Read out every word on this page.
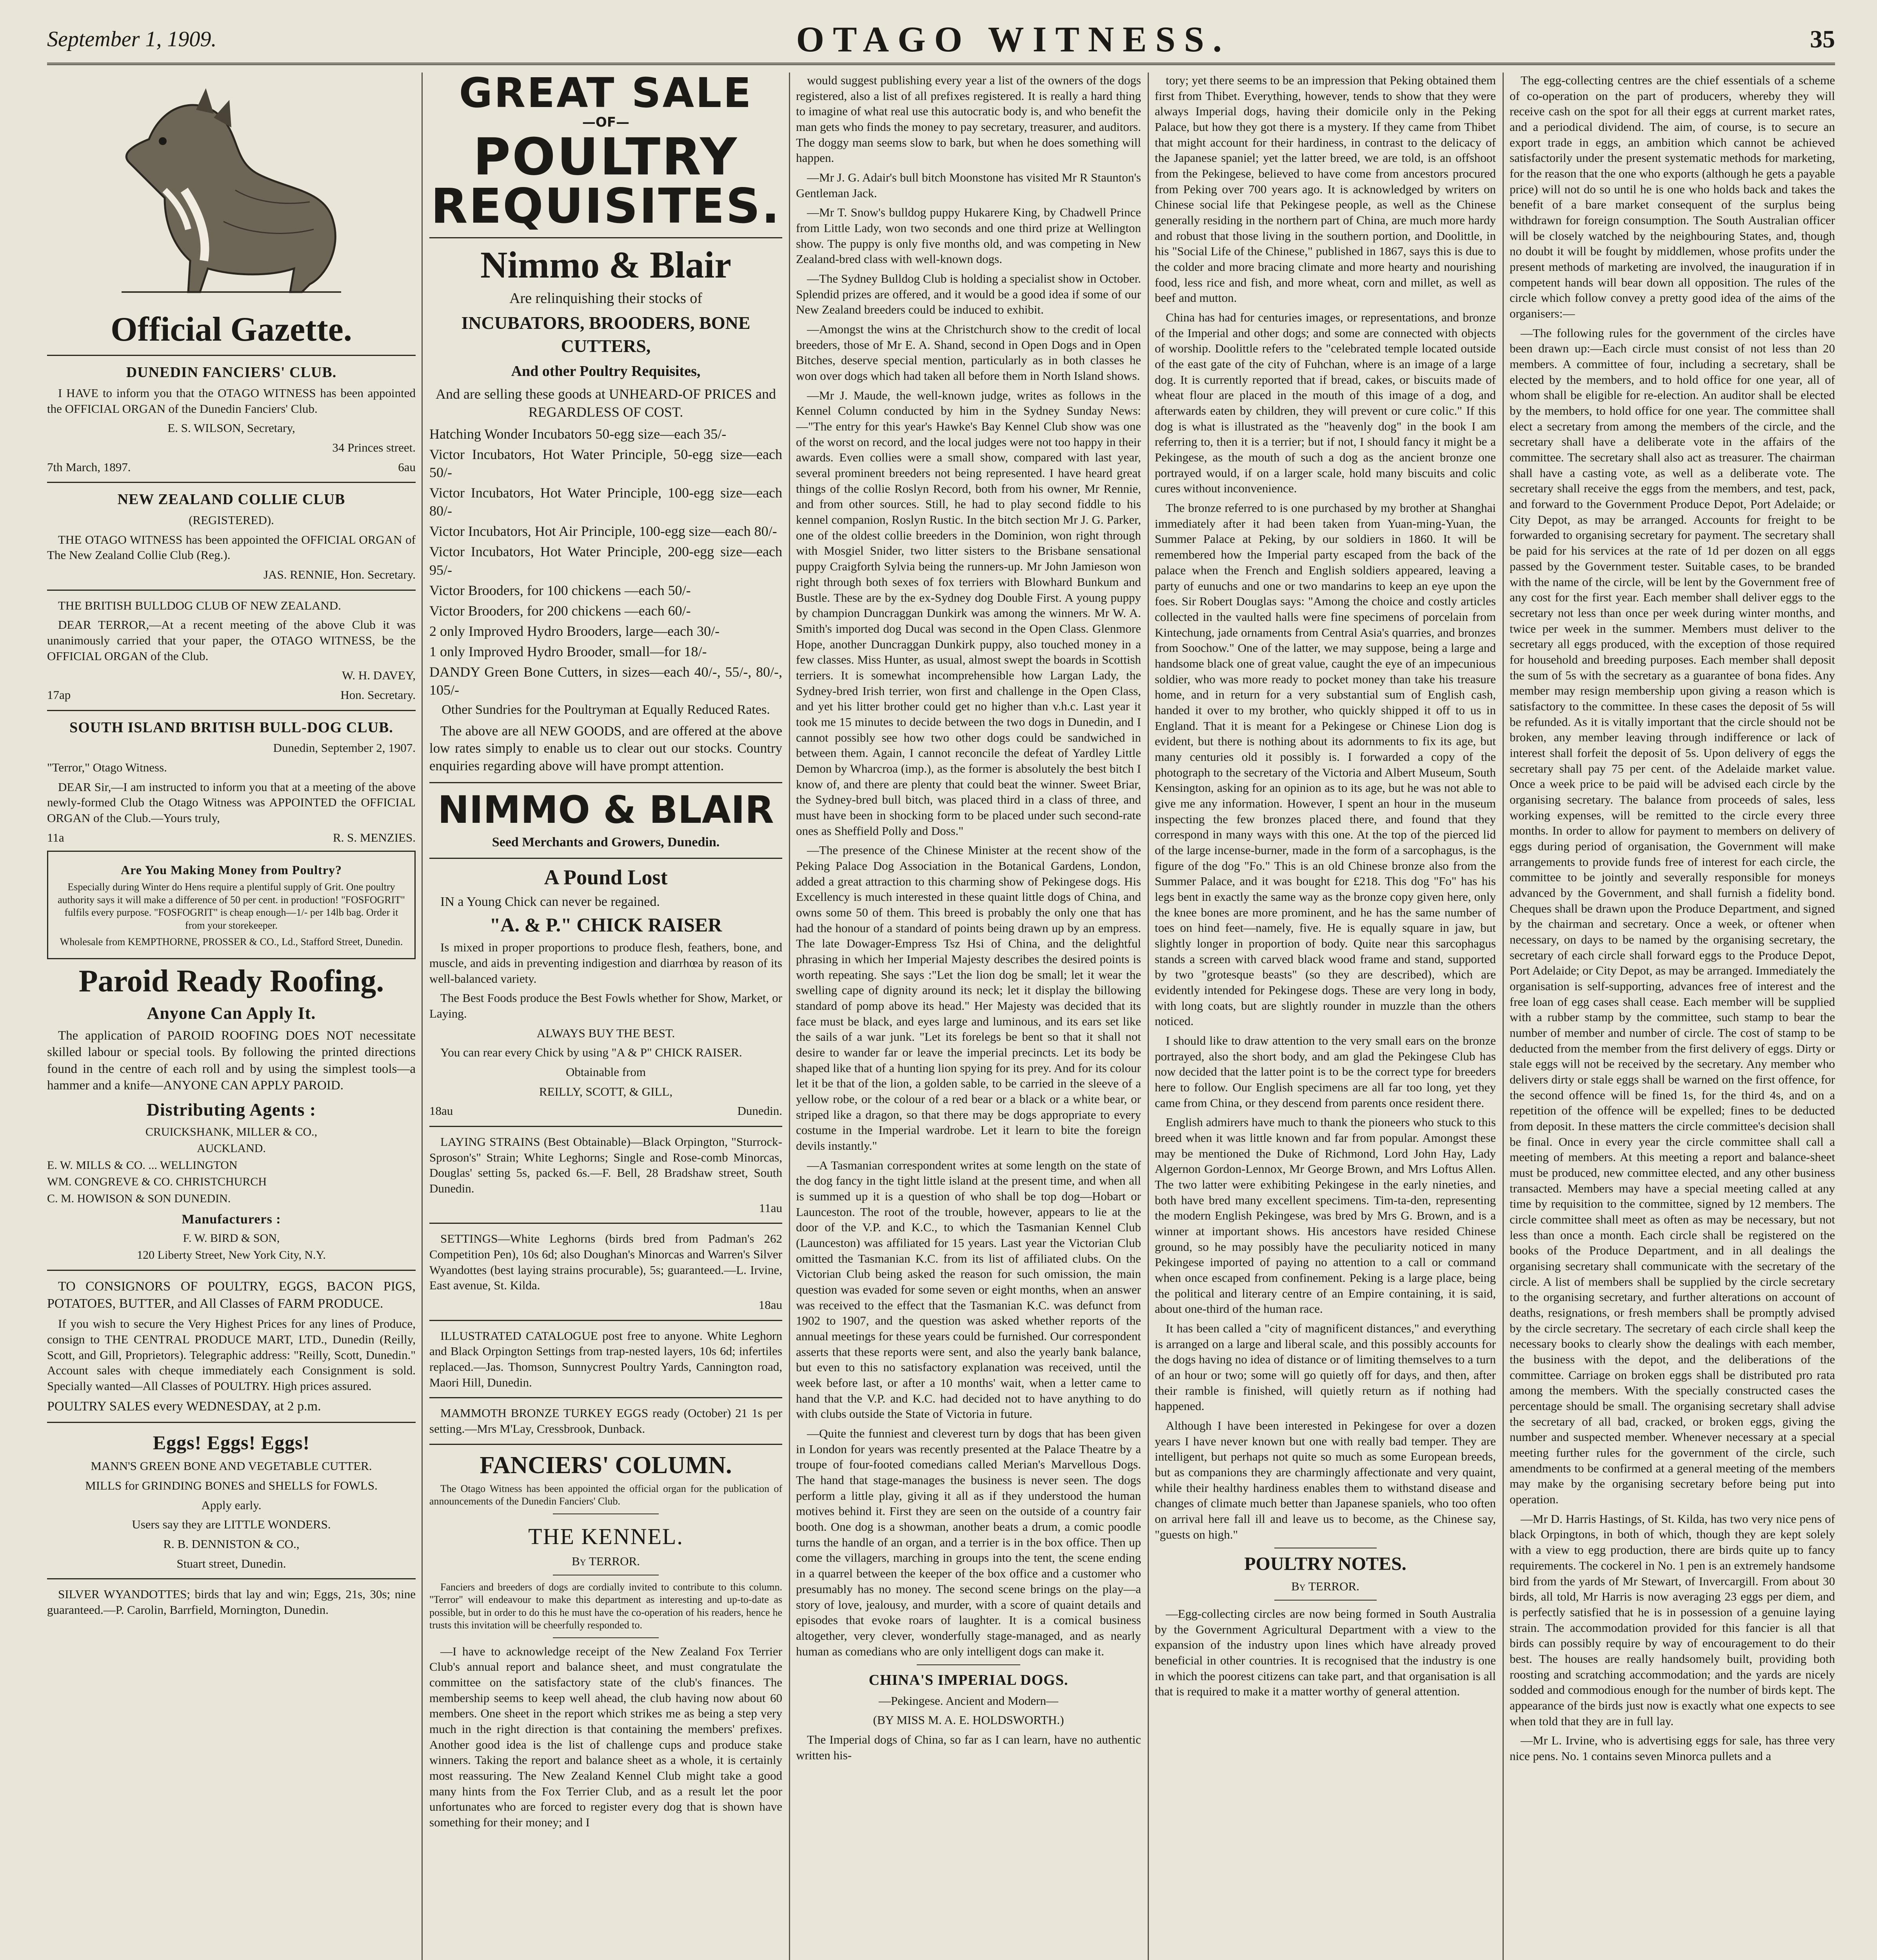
September 1, 1909.	OTAGO WITNESS.	35
Official Gazette.
DUNEDIN FANCIERS' CLUB.

I HAVE to inform you that the OTAGO WITNESS has been appointed the OFFICIAL ORGAN of the Dunedin Fanciers' Club.

E. S. WILSON, Secretary,

34 Princes street.

7th March, 1897.	6au

NEW ZEALAND COLLIE CLUB

(REGISTERED).

THE OTAGO WITNESS has been appointed the OFFICIAL ORGAN of The New Zealand Collie Club (Reg.).

JAS. RENNIE, Hon. Secretary.

THE BRITISH BULLDOG CLUB OF NEW ZEALAND.

DEAR TERROR,—At a recent meeting of the above Club it was unanimously carried that your paper, the OTAGO WITNESS, be the OFFICIAL ORGAN of the Club.

W. H. DAVEY,

17ap	Hon. Secretary.

SOUTH ISLAND BRITISH BULL-DOG CLUB.

Dunedin, September 2, 1907.

"Terror," Otago Witness.

DEAR Sir,—I am instructed to inform you that at a meeting of the above newly-formed Club the Otago Witness was APPOINTED the OFFICIAL ORGAN of the Club.—Yours truly,

11a	R. S. MENZIES.

Are You Making Money from Poultry?

Especially during Winter do Hens require a plentiful supply of Grit. One poultry authority says it will make a difference of 50 per cent. in production! "FOSFOGRIT" fulfils every purpose. "FOSFOGRIT" is cheap enough—1/- per 14lb bag. Order it from your storekeeper.

Wholesale from KEMPTHORNE, PROSSER & CO., Ld., Stafford Street, Dunedin.

Paroid Ready Roofing.
Anyone Can Apply It.

The application of PAROID ROOFING DOES NOT necessitate skilled labour or special tools. By following the printed directions found in the centre of each roll and by using the simplest tools—a hammer and a knife—ANYONE CAN APPLY PAROID.

Distributing Agents :

CRUICKSHANK, MILLER & CO.,

AUCKLAND.

E. W. MILLS & CO. ... WELLINGTON

WM. CONGREVE & CO. CHRISTCHURCH

C. M. HOWISON & SON DUNEDIN.

Manufacturers :

F. W. BIRD & SON,

120 Liberty Street, New York City, N.Y.

TO CONSIGNORS OF POULTRY, EGGS, BACON PIGS, POTATOES, BUTTER, and All Classes of FARM PRODUCE.

If you wish to secure the Very Highest Prices for any lines of Produce, consign to THE CENTRAL PRODUCE MART, LTD., Dunedin (Reilly, Scott, and Gill, Proprietors). Telegraphic address: "Reilly, Scott, Dunedin." Account sales with cheque immediately each Consignment is sold. Specially wanted—All Classes of POULTRY. High prices assured.

POULTRY SALES every WEDNESDAY, at 2 p.m.

Eggs! Eggs! Eggs!

MANN'S GREEN BONE AND VEGETABLE CUTTER.

MILLS for GRINDING BONES and SHELLS for FOWLS.

Apply early.

Users say they are LITTLE WONDERS.

R. B. DENNISTON & CO.,

Stuart street, Dunedin.

SILVER WYANDOTTES; birds that lay and win; Eggs, 21s, 30s; nine guaranteed.—P. Carolin, Barrfield, Mornington, Dunedin.

GREAT SALE
—OF—
POULTRY
REQUISITES.
Nimmo & Blair

Are relinquishing their stocks of

INCUBATORS, BROODERS, BONE CUTTERS,

And other Poultry Requisites,

And are selling these goods at UNHEARD-OF PRICES and REGARDLESS OF COST.

Hatching Wonder Incubators 50-egg size—each 35/-

Victor Incubators, Hot Water Principle, 50-egg size—each 50/-

Victor Incubators, Hot Water Principle, 100-egg size—each 80/-

Victor Incubators, Hot Air Principle, 100-egg size—each 80/-

Victor Incubators, Hot Water Principle, 200-egg size—each 95/-

Victor Brooders, for 100 chickens —each 50/-

Victor Brooders, for 200 chickens —each 60/-

2 only Improved Hydro Brooders, large—each 30/-

1 only Improved Hydro Brooder, small—for 18/-

DANDY Green Bone Cutters, in sizes—each 40/-, 55/-, 80/-, 105/-

Other Sundries for the Poultryman at Equally Reduced Rates.

The above are all NEW GOODS, and are offered at the above low rates simply to enable us to clear out our stocks. Country enquiries regarding above will have prompt attention.

NIMMO & BLAIR

Seed Merchants and Growers, Dunedin.

A Pound Lost

IN a Young Chick can never be regained.

"A. & P." CHICK RAISER

Is mixed in proper proportions to produce flesh, feathers, bone, and muscle, and aids in preventing indigestion and diarrhœa by reason of its well-balanced variety.

The Best Foods produce the Best Fowls whether for Show, Market, or Laying.

ALWAYS BUY THE BEST.

You can rear every Chick by using "A & P" CHICK RAISER.

Obtainable from

REILLY, SCOTT, & GILL,

18au	Dunedin.

LAYING STRAINS (Best Obtainable)—Black Orpington, "Sturrock-Sproson's" Strain; White Leghorns; Single and Rose-comb Minorcas, Douglas' setting 5s, packed 6s.—F. Bell, 28 Bradshaw street, South Dunedin.

11au

SETTINGS—White Leghorns (birds bred from Padman's 262 Competition Pen), 10s 6d; also Doughan's Minorcas and Warren's Silver Wyandottes (best laying strains procurable), 5s; guaranteed.—L. Irvine, East avenue, St. Kilda.

18au

ILLUSTRATED CATALOGUE post free to anyone. White Leghorn and Black Orpington Settings from trap-nested layers, 10s 6d; infertiles replaced.—Jas. Thomson, Sunnycrest Poultry Yards, Cannington road, Maori Hill, Dunedin.

MAMMOTH BRONZE TURKEY EGGS ready (October) 21 1s per setting.—Mrs M'Lay, Cressbrook, Dunback.

FANCIERS' COLUMN.

The Otago Witness has been appointed the official organ for the publication of announcements of the Dunedin Fanciers' Club.

THE KENNEL.

By TERROR.

Fanciers and breeders of dogs are cordially invited to contribute to this column. "Terror" will endeavour to make this department as interesting and up-to-date as possible, but in order to do this he must have the co-operation of his readers, hence he trusts this invitation will be cheerfully responded to.

—I have to acknowledge receipt of the New Zealand Fox Terrier Club's annual report and balance sheet, and must congratulate the committee on the satisfactory state of the club's finances. The membership seems to keep well ahead, the club having now about 60 members. One sheet in the report which strikes me as being a step very much in the right direction is that containing the members' prefixes. Another good idea is the list of challenge cups and produce stake winners. Taking the report and balance sheet as a whole, it is certainly most reassuring. The New Zealand Kennel Club might take a good many hints from the Fox Terrier Club, and as a result let the poor unfortunates who are forced to register every dog that is shown have something for their money; and I

would suggest publishing every year a list of the owners of the dogs registered, also a list of all prefixes registered. It is really a hard thing to imagine of what real use this autocratic body is, and who benefit the man gets who finds the money to pay secretary, treasurer, and auditors. The doggy man seems slow to bark, but when he does something will happen.

—Mr J. G. Adair's bull bitch Moonstone has visited Mr R Staunton's Gentleman Jack.

—Mr T. Snow's bulldog puppy Hukarere King, by Chadwell Prince from Little Lady, won two seconds and one third prize at Wellington show. The puppy is only five months old, and was competing in New Zealand-bred class with well-known dogs.

—The Sydney Bulldog Club is holding a specialist show in October. Splendid prizes are offered, and it would be a good idea if some of our New Zealand breeders could be induced to exhibit.

—Amongst the wins at the Christchurch show to the credit of local breeders, those of Mr E. A. Shand, second in Open Dogs and in Open Bitches, deserve special mention, particularly as in both classes he won over dogs which had taken all before them in North Island shows.

—Mr J. Maude, the well-known judge, writes as follows in the Kennel Column conducted by him in the Sydney Sunday News:—"The entry for this year's Hawke's Bay Kennel Club show was one of the worst on record, and the local judges were not too happy in their awards. Even collies were a small show, compared with last year, several prominent breeders not being represented. I have heard great things of the collie Roslyn Record, both from his owner, Mr Rennie, and from other sources. Still, he had to play second fiddle to his kennel companion, Roslyn Rustic. In the bitch section Mr J. G. Parker, one of the oldest collie breeders in the Dominion, won right through with Mosgiel Snider, two litter sisters to the Brisbane sensational puppy Craigforth Sylvia being the runners-up. Mr John Jamieson won right through both sexes of fox terriers with Blowhard Bunkum and Bustle. These are by the ex-Sydney dog Double First. A young puppy by champion Duncraggan Dunkirk was among the winners. Mr W. A. Smith's imported dog Ducal was second in the Open Class. Glenmore Hope, another Duncraggan Dunkirk puppy, also touched money in a few classes. Miss Hunter, as usual, almost swept the boards in Scottish terriers. It is somewhat incomprehensible how Largan Lady, the Sydney-bred Irish terrier, won first and challenge in the Open Class, and yet his litter brother could get no higher than v.h.c. Last year it took me 15 minutes to decide between the two dogs in Dunedin, and I cannot possibly see how two other dogs could be sandwiched in between them. Again, I cannot reconcile the defeat of Yardley Little Demon by Wharcroa (imp.), as the former is absolutely the best bitch I know of, and there are plenty that could beat the winner. Sweet Briar, the Sydney-bred bull bitch, was placed third in a class of three, and must have been in shocking form to be placed under such second-rate ones as Sheffield Polly and Doss."

—The presence of the Chinese Minister at the recent show of the Peking Palace Dog Association in the Botanical Gardens, London, added a great attraction to this charming show of Pekingese dogs. His Excellency is much interested in these quaint little dogs of China, and owns some 50 of them. This breed is probably the only one that has had the honour of a standard of points being drawn up by an empress. The late Dowager-Empress Tsz Hsi of China, and the delightful phrasing in which her Imperial Majesty describes the desired points is worth repeating. She says :"Let the lion dog be small; let it wear the swelling cape of dignity around its neck; let it display the billowing standard of pomp above its head." Her Majesty was decided that its face must be black, and eyes large and luminous, and its ears set like the sails of a war junk. "Let its forelegs be bent so that it shall not desire to wander far or leave the imperial precincts. Let its body be shaped like that of a hunting lion spying for its prey. And for its colour let it be that of the lion, a golden sable, to be carried in the sleeve of a yellow robe, or the colour of a red bear or a black or a white bear, or striped like a dragon, so that there may be dogs appropriate to every costume in the Imperial wardrobe. Let it learn to bite the foreign devils instantly."

—A Tasmanian correspondent writes at some length on the state of the dog fancy in the tight little island at the present time, and when all is summed up it is a question of who shall be top dog—Hobart or Launceston. The root of the trouble, however, appears to lie at the door of the V.P. and K.C., to which the Tasmanian Kennel Club (Launceston) was affiliated for 15 years. Last year the Victorian Club omitted the Tasmanian K.C. from its list of affiliated clubs. On the Victorian Club being asked the reason for such omission, the main question was evaded for some seven or eight months, when an answer was received to the effect that the Tasmanian K.C. was defunct from 1902 to 1907, and the question was asked whether reports of the annual meetings for these years could be furnished. Our correspondent asserts that these reports were sent, and also the yearly bank balance, but even to this no satisfactory explanation was received, until the week before last, or after a 10 months' wait, when a letter came to hand that the V.P. and K.C. had decided not to have anything to do with clubs outside the State of Victoria in future.

—Quite the funniest and cleverest turn by dogs that has been given in London for years was recently presented at the Palace Theatre by a troupe of four-footed comedians called Merian's Marvellous Dogs. The hand that stage-manages the business is never seen. The dogs perform a little play, giving it all as if they understood the human motives behind it. First they are seen on the outside of a country fair booth. One dog is a showman, another beats a drum, a comic poodle turns the handle of an organ, and a terrier is in the box office. Then up come the villagers, marching in groups into the tent, the scene ending in a quarrel between the keeper of the box office and a customer who presumably has no money. The second scene brings on the play—a story of love, jealousy, and murder, with a score of quaint details and episodes that evoke roars of laughter. It is a comical business altogether, very clever, wonderfully stage-managed, and as nearly human as comedians who are only intelligent dogs can make it.

CHINA'S IMPERIAL DOGS.

—Pekingese. Ancient and Modern—

(BY MISS M. A. E. HOLDSWORTH.)

The Imperial dogs of China, so far as I can learn, have no authentic written his-

tory; yet there seems to be an impression that Peking obtained them first from Thibet. Everything, however, tends to show that they were always Imperial dogs, having their domicile only in the Peking Palace, but how they got there is a mystery. If they came from Thibet that might account for their hardiness, in contrast to the delicacy of the Japanese spaniel; yet the latter breed, we are told, is an offshoot from the Pekingese, believed to have come from ancestors procured from Peking over 700 years ago. It is acknowledged by writers on Chinese social life that Pekingese people, as well as the Chinese generally residing in the northern part of China, are much more hardy and robust that those living in the southern portion, and Doolittle, in his "Social Life of the Chinese," published in 1867, says this is due to the colder and more bracing climate and more hearty and nourishing food, less rice and fish, and more wheat, corn and millet, as well as beef and mutton.

China has had for centuries images, or representations, and bronze of the Imperial and other dogs; and some are connected with objects of worship. Doolittle refers to the "celebrated temple located outside of the east gate of the city of Fuhchan, where is an image of a large dog. It is currently reported that if bread, cakes, or biscuits made of wheat flour are placed in the mouth of this image of a dog, and afterwards eaten by children, they will prevent or cure colic." If this dog is what is illustrated as the "heavenly dog" in the book I am referring to, then it is a terrier; but if not, I should fancy it might be a Pekingese, as the mouth of such a dog as the ancient bronze one portrayed would, if on a larger scale, hold many biscuits and colic cures without inconvenience.

The bronze referred to is one purchased by my brother at Shanghai immediately after it had been taken from Yuan-ming-Yuan, the Summer Palace at Peking, by our soldiers in 1860. It will be remembered how the Imperial party escaped from the back of the palace when the French and English soldiers appeared, leaving a party of eunuchs and one or two mandarins to keep an eye upon the foes. Sir Robert Douglas says: "Among the choice and costly articles collected in the vaulted halls were fine specimens of porcelain from Kintechung, jade ornaments from Central Asia's quarries, and bronzes from Soochow." One of the latter, we may suppose, being a large and handsome black one of great value, caught the eye of an impecunious soldier, who was more ready to pocket money than take his treasure home, and in return for a very substantial sum of English cash, handed it over to my brother, who quickly shipped it off to us in England. That it is meant for a Pekingese or Chinese Lion dog is evident, but there is nothing about its adornments to fix its age, but many centuries old it possibly is. I forwarded a copy of the photograph to the secretary of the Victoria and Albert Museum, South Kensington, asking for an opinion as to its age, but he was not able to give me any information. However, I spent an hour in the museum inspecting the few bronzes placed there, and found that they correspond in many ways with this one. At the top of the pierced lid of the large incense-burner, made in the form of a sarcophagus, is the figure of the dog "Fo." This is an old Chinese bronze also from the Summer Palace, and it was bought for £218. This dog "Fo" has his legs bent in exactly the same way as the bronze copy given here, only the knee bones are more prominent, and he has the same number of toes on hind feet—namely, five. He is equally square in jaw, but slightly longer in proportion of body. Quite near this sarcophagus stands a screen with carved black wood frame and stand, supported by two "grotesque beasts" (so they are described), which are evidently intended for Pekingese dogs. These are very long in body, with long coats, but are slightly rounder in muzzle than the others noticed.

I should like to draw attention to the very small ears on the bronze portrayed, also the short body, and am glad the Pekingese Club has now decided that the latter point is to be the correct type for breeders here to follow. Our English specimens are all far too long, yet they came from China, or they descend from parents once resident there.

English admirers have much to thank the pioneers who stuck to this breed when it was little known and far from popular. Amongst these may be mentioned the Duke of Richmond, Lord John Hay, Lady Algernon Gordon-Lennox, Mr George Brown, and Mrs Loftus Allen. The two latter were exhibiting Pekingese in the early nineties, and both have bred many excellent specimens. Tim-ta-den, representing the modern English Pekingese, was bred by Mrs G. Brown, and is a winner at important shows. His ancestors have resided Chinese ground, so he may possibly have the peculiarity noticed in many Pekingese imported of paying no attention to a call or command when once escaped from confinement. Peking is a large place, being the political and literary centre of an Empire containing, it is said, about one-third of the human race.

It has been called a "city of magnificent distances," and everything is arranged on a large and liberal scale, and this possibly accounts for the dogs having no idea of distance or of limiting themselves to a turn of an hour or two; some will go quietly off for days, and then, after their ramble is finished, will quietly return as if nothing had happened.

Although I have been interested in Pekingese for over a dozen years I have never known but one with really bad temper. They are intelligent, but perhaps not quite so much as some European breeds, but as companions they are charmingly affectionate and very quaint, while their healthy hardiness enables them to withstand disease and changes of climate much better than Japanese spaniels, who too often on arrival here fall ill and leave us to become, as the Chinese say, "guests on high."

POULTRY NOTES.

By TERROR.

—Egg-collecting circles are now being formed in South Australia by the Government Agricultural Department with a view to the expansion of the industry upon lines which have already proved beneficial in other countries. It is recognised that the industry is one in which the poorest citizens can take part, and that organisation is all that is required to make it a matter worthy of general attention.

The egg-collecting centres are the chief essentials of a scheme of co-operation on the part of producers, whereby they will receive cash on the spot for all their eggs at current market rates, and a periodical dividend. The aim, of course, is to secure an export trade in eggs, an ambition which cannot be achieved satisfactorily under the present systematic methods for marketing, for the reason that the one who exports (although he gets a payable price) will not do so until he is one who holds back and takes the benefit of a bare market consequent of the surplus being withdrawn for foreign consumption. The South Australian officer will be closely watched by the neighbouring States, and, though no doubt it will be fought by middlemen, whose profits under the present methods of marketing are involved, the inauguration if in competent hands will bear down all opposition. The rules of the circle which follow convey a pretty good idea of the aims of the organisers:—

—The following rules for the government of the circles have been drawn up:—Each circle must consist of not less than 20 members. A committee of four, including a secretary, shall be elected by the members, and to hold office for one year, all of whom shall be eligible for re-election. An auditor shall be elected by the members, to hold office for one year. The committee shall elect a secretary from among the members of the circle, and the secretary shall have a deliberate vote in the affairs of the committee. The secretary shall also act as treasurer. The chairman shall have a casting vote, as well as a deliberate vote. The secretary shall receive the eggs from the members, and test, pack, and forward to the Government Produce Depot, Port Adelaide; or City Depot, as may be arranged. Accounts for freight to be forwarded to organising secretary for payment. The secretary shall be paid for his services at the rate of 1d per dozen on all eggs passed by the Government tester. Suitable cases, to be branded with the name of the circle, will be lent by the Government free of any cost for the first year. Each member shall deliver eggs to the secretary not less than once per week during winter months, and twice per week in the summer. Members must deliver to the secretary all eggs produced, with the exception of those required for household and breeding purposes. Each member shall deposit the sum of 5s with the secretary as a guarantee of bona fides. Any member may resign membership upon giving a reason which is satisfactory to the committee. In these cases the deposit of 5s will be refunded. As it is vitally important that the circle should not be broken, any member leaving through indifference or lack of interest shall forfeit the deposit of 5s. Upon delivery of eggs the secretary shall pay 75 per cent. of the Adelaide market value. Once a week price to be paid will be advised each circle by the organising secretary. The balance from proceeds of sales, less working expenses, will be remitted to the circle every three months. In order to allow for payment to members on delivery of eggs during period of organisation, the Government will make arrangements to provide funds free of interest for each circle, the committee to be jointly and severally responsible for moneys advanced by the Government, and shall furnish a fidelity bond. Cheques shall be drawn upon the Produce Department, and signed by the chairman and secretary. Once a week, or oftener when necessary, on days to be named by the organising secretary, the secretary of each circle shall forward eggs to the Produce Depot, Port Adelaide; or City Depot, as may be arranged. Immediately the organisation is self-supporting, advances free of interest and the free loan of egg cases shall cease. Each member will be supplied with a rubber stamp by the committee, such stamp to bear the number of member and number of circle. The cost of stamp to be deducted from the member from the first delivery of eggs. Dirty or stale eggs will not be received by the secretary. Any member who delivers dirty or stale eggs shall be warned on the first offence, for the second offence will be fined 1s, for the third 4s, and on a repetition of the offence will be expelled; fines to be deducted from deposit. In these matters the circle committee's decision shall be final. Once in every year the circle committee shall call a meeting of members. At this meeting a report and balance-sheet must be produced, new committee elected, and any other business transacted. Members may have a special meeting called at any time by requisition to the committee, signed by 12 members. The circle committee shall meet as often as may be necessary, but not less than once a month. Each circle shall be registered on the books of the Produce Department, and in all dealings the organising secretary shall communicate with the secretary of the circle. A list of members shall be supplied by the circle secretary to the organising secretary, and further alterations on account of deaths, resignations, or fresh members shall be promptly advised by the circle secretary. The secretary of each circle shall keep the necessary books to clearly show the dealings with each member, the business with the depot, and the deliberations of the committee. Carriage on broken eggs shall be distributed pro rata among the members. With the specially constructed cases the percentage should be small. The organising secretary shall advise the secretary of all bad, cracked, or broken eggs, giving the number and suspected member. Whenever necessary at a special meeting further rules for the government of the circle, such amendments to be confirmed at a general meeting of the members may make by the organising secretary before being put into operation.

—Mr D. Harris Hastings, of St. Kilda, has two very nice pens of black Orpingtons, in both of which, though they are kept solely with a view to egg production, there are birds quite up to fancy requirements. The cockerel in No. 1 pen is an extremely handsome bird from the yards of Mr Stewart, of Invercargill. From about 30 birds, all told, Mr Harris is now averaging 23 eggs per diem, and is perfectly satisfied that he is in possession of a genuine laying strain. The accommodation provided for this fancier is all that birds can possibly require by way of encouragement to do their best. The houses are really handsomely built, providing both roosting and scratching accommodation; and the yards are nicely sodded and commodious enough for the number of birds kept. The appearance of the birds just now is exactly what one expects to see when told that they are in full lay.

—Mr L. Irvine, who is advertising eggs for sale, has three very nice pens. No. 1 contains seven Minorca pullets and a
